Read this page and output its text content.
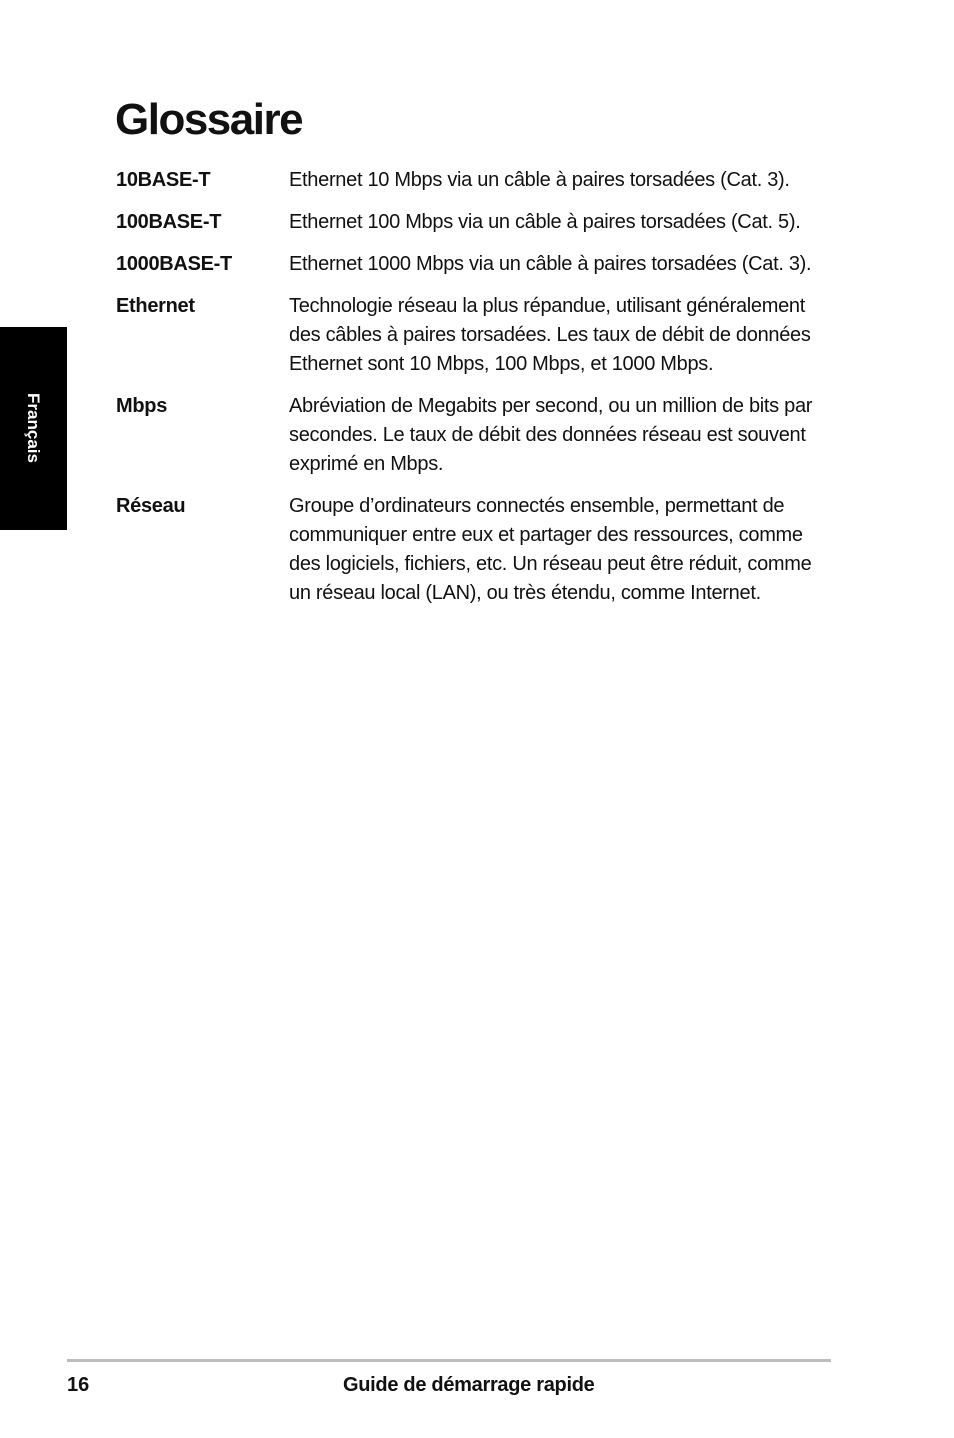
Français
Glossaire
10BASE-T	Ethernet 10 Mbps via un câble à paires torsadées (Cat. 3).
100BASE-T	Ethernet 100 Mbps via un câble à paires torsadées (Cat. 5).
1000BASE-T	Ethernet 1000 Mbps via un câble à paires torsadées (Cat. 3).
Ethernet	Technologie réseau la plus répandue, utilisant généralement des câbles à paires torsadées. Les taux de débit de données Ethernet sont 10 Mbps, 100 Mbps, et 1000 Mbps.
Mbps	Abréviation de Megabits per second, ou un million de bits par secondes. Le taux de débit des données réseau est souvent exprimé en Mbps.
Réseau	Groupe d’ordinateurs connectés ensemble, permettant de communiquer entre eux et partager des ressources, comme des logiciels, fichiers, etc. Un réseau peut être réduit, comme un réseau local (LAN), ou très étendu, comme Internet.
16	Guide de démarrage rapide
